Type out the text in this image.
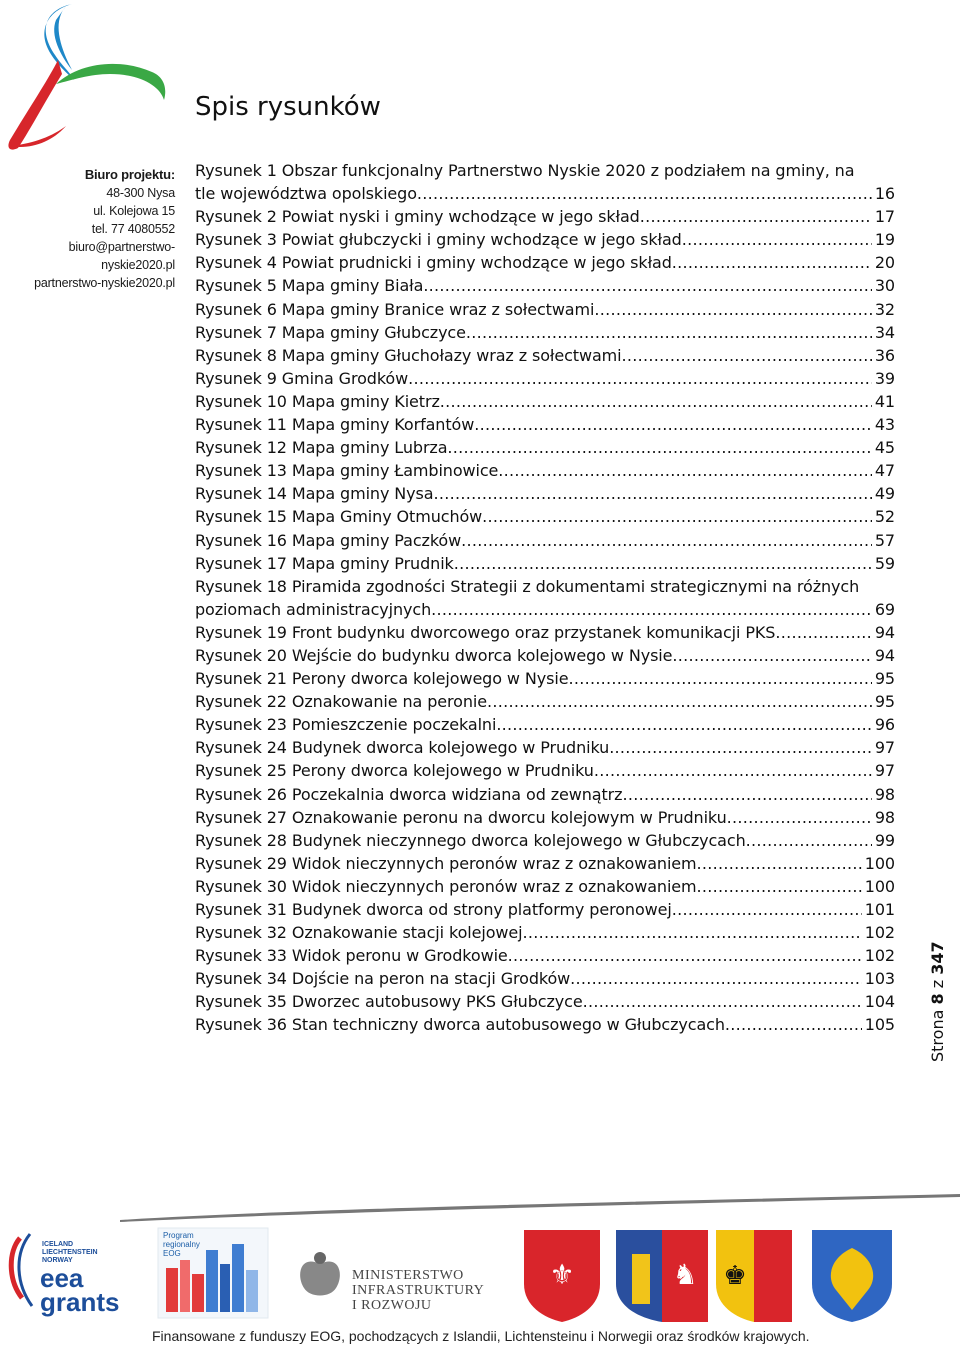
Biuro projektu:
48-300 Nysa
ul. Kolejowa 15
tel. 77 4080552
biuro@partnerstwo-nyskie2020.pl
partnerstwo-nyskie2020.pl
Spis rysunków
Rysunek 1 Obszar funkcjonalny Partnerstwo Nyskie 2020 z podziałem na gminy, na
tle województwa opolskiego . . .	16
Rysunek 2 Powiat nyski i gminy wchodzące w jego skład . . .	17
Rysunek 3 Powiat głubczycki i gminy wchodzące w jego skład . . .	19
Rysunek 4 Powiat prudnicki i gminy wchodzące w jego skład . . .	20
Rysunek 5 Mapa gminy Biała . . .	30
Rysunek 6 Mapa gminy Branice wraz z sołectwami . . .	32
Rysunek 7 Mapa gminy Głubczyce . . .	34
Rysunek 8 Mapa gminy Głuchołazy wraz z sołectwami . . .	36
Rysunek 9 Gmina Grodków . . .	39
Rysunek 10 Mapa gminy Kietrz . . .	41
Rysunek 11 Mapa gminy Korfantów . . .	43
Rysunek 12 Mapa gminy Lubrza . . .	45
Rysunek 13 Mapa gminy Łambinowice . . .	47
Rysunek 14 Mapa gminy Nysa . . .	49
Rysunek 15 Mapa Gminy Otmuchów . . .	52
Rysunek 16 Mapa gminy Paczków . . .	57
Rysunek 17 Mapa gminy Prudnik . . .	59
Rysunek 18 Piramida zgodności Strategii z dokumentami strategicznymi na różnych
poziomach administracyjnych . . .	69
Rysunek 19 Front budynku dworcowego oraz przystanek komunikacji PKS . . .	94
Rysunek 20 Wejście do budynku dworca kolejowego w Nysie . . .	94
Rysunek 21 Perony dworca kolejowego w Nysie . . .	95
Rysunek 22 Oznakowanie na peronie . . .	95
Rysunek 23 Pomieszczenie poczekalni . . .	96
Rysunek 24 Budynek dworca kolejowego w Prudniku . . .	97
Rysunek 25 Perony dworca kolejowego w Prudniku . . .	97
Rysunek 26 Poczekalnia dworca widziana od zewnątrz . . .	98
Rysunek 27 Oznakowanie peronu na dworcu kolejowym w Prudniku . . .	98
Rysunek 28 Budynek nieczynnego dworca kolejowego w Głubczycach . . .	99
Rysunek 29 Widok nieczynnych peronów wraz z oznakowaniem . . .	100
Rysunek 30 Widok nieczynnych peronów wraz z oznakowaniem . . .	100
Rysunek 31 Budynek dworca od strony platformy peronowej . . .	101
Rysunek 32 Oznakowanie stacji kolejowej . . .	102
Rysunek 33 Widok peronu w Grodkowie . . .	102
Rysunek 34 Dojście na peron na stacji Grodków . . .	103
Rysunek 35 Dworzec autobusowy PKS Głubczyce . . .	104
Rysunek 36 Stan techniczny dworca autobusowego w Głubczycach . . .	105 Strona 8 z 347
⚜	♞ ♚
ICELAND
LIECHTENSTEIN
NORWAY
eea
grants
Program
regionalny
EOG
MINISTERSTWO
INFRASTRUKTURY
I ROZWOJU
Finansowane z funduszy EOG, pochodzących z Islandii, Lichtensteinu i Norwegii oraz środków krajowych.
